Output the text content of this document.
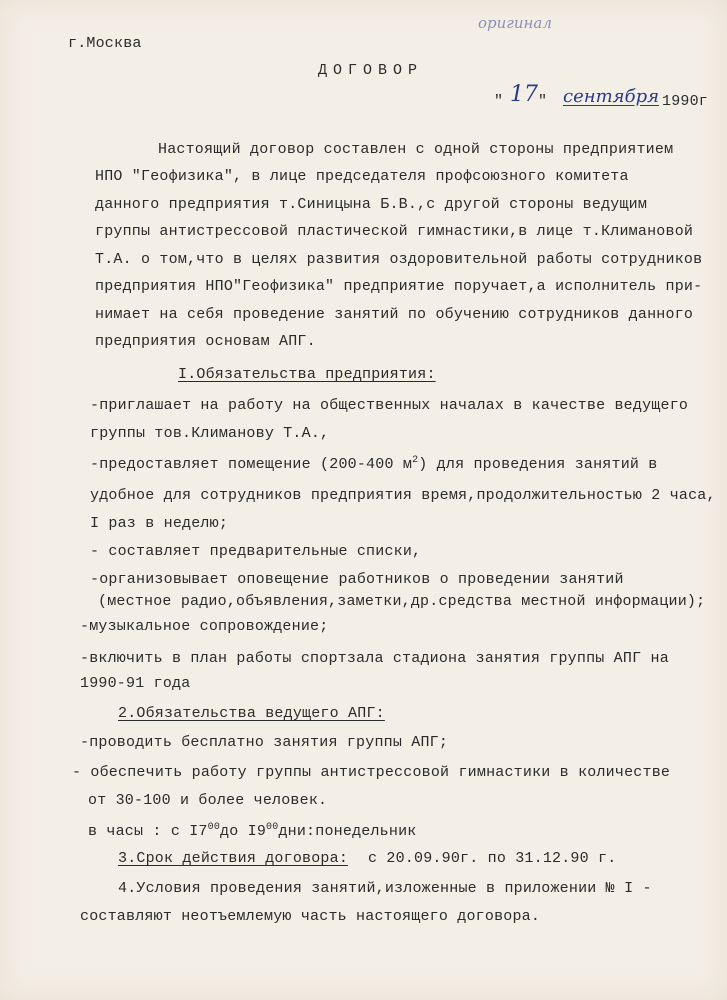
оригинал
г.Москва
ДОГОВОР
" 17 " сентября 1990г
Настоящий договор составлен с одной стороны предприятием
НПО "Геофизика", в лице председателя профсоюзного комитета
данного предприятия т.Синицына Б.В.,с другой стороны ведущим
группы антистрессовой пластической гимнастики,в лице т.Климановой
Т.А. о том,что в целях развития оздоровительной работы сотрудников
предприятия НПО"Геофизика" предприятие поручает,а исполнитель при-
нимает на себя проведение занятий по обучению сотрудников данного
предприятия основам АПГ.
I.Обязательства предприятия:
-приглашает на работу на общественных началах в качестве ведущего
группы тов.Климанову Т.А.,
-предоставляет помещение (200-400 $м^2$) для проведения занятий в
удобное для сотрудников предприятия время,продолжительностью 2 часа,
I раз в неделю;
- составляет предварительные списки,
-организовывает оповещение работников о проведении занятий
(местное радио,объявления,заметки,др.средства местной информации);
-музыкальное сопровождение;
-включить в план работы спортзала стадиона занятия группы АПГ на
1990-91 года
2.Обязательства ведущего АПГ:
-проводить бесплатно занятия группы АПГ;
- обеспечить работу группы антистрессовой гимнастики в количестве
от 30-100 и более человек.
в часы : с $I7^{00}до$ $I9^{00}дни:понедельник$
3.Срок действия договора: с 20.09.90г. по 31.12.90 г.
4.Условия проведения занятий,изложенные в приложении № I -
составляют неотъемлемую часть настоящего договора.
